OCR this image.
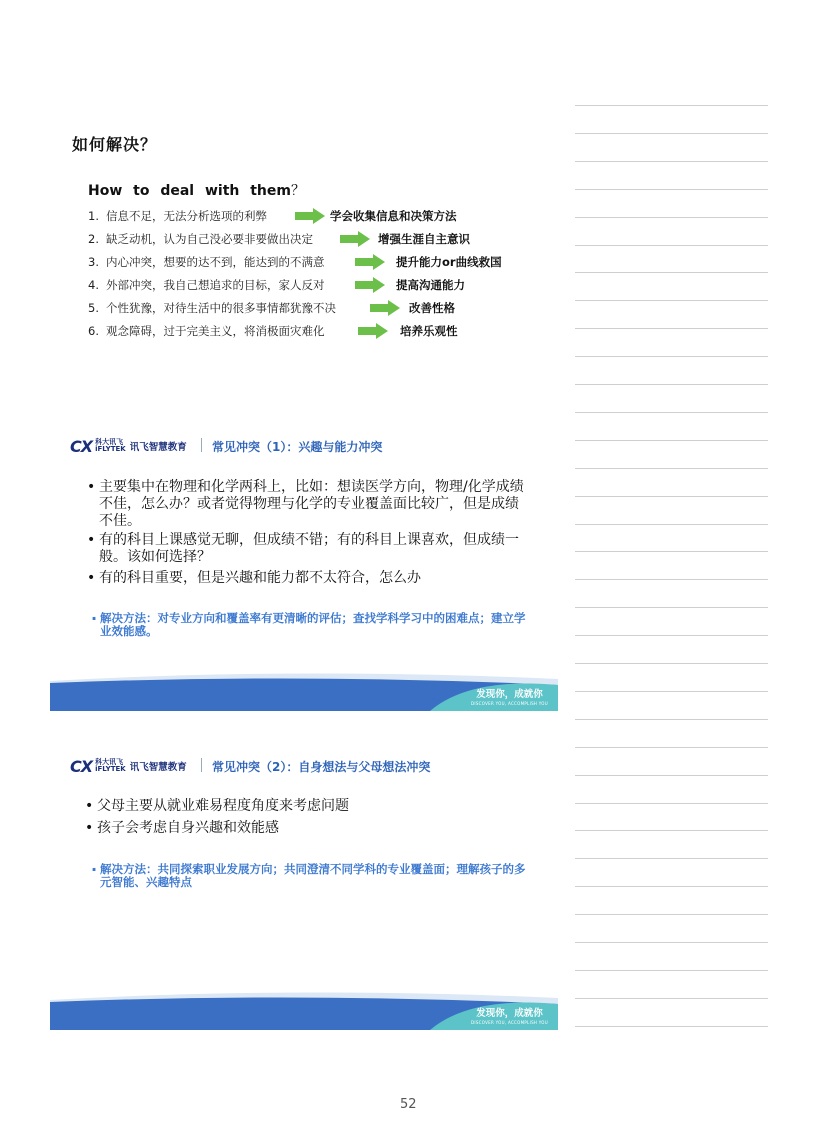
如何解决？
How to deal with them？
1. 信息不足，无法分析选项的利弊	学会收集信息和决策方法
2. 缺乏动机，认为自己没必要非要做出决定	增强生涯自主意识
3. 内心冲突，想要的达不到，能达到的不满意	提升能力or曲线救国
4. 外部冲突，我自己想追求的目标，家人反对	提高沟通能力
5. 个性犹豫，对待生活中的很多事情都犹豫不决	改善性格
6. 观念障碍，过于完美主义，将消极面灾难化	培养乐观性
CX 科大讯飞
iFLYTEK 讯飞智慧教育 常见冲突（1）：兴趣与能力冲突
• 主要集中在物理和化学两科上，比如：想读医学方向，物理/化学成绩不佳，怎么办？或者觉得物理与化学的专业覆盖面比较广，但是成绩不佳。
• 有的科目上课感觉无聊，但成绩不错；有的科目上课喜欢，但成绩一般。该如何选择？
• 有的科目重要，但是兴趣和能力都不太符合，怎么办
· 解决方法：对专业方向和覆盖率有更清晰的评估；查找学科学习中的困难点；建立学业效能感。
发现你，成就你
DISCOVER YOU, ACCOMPLISH YOU
CX 科大讯飞
iFLYTEK 讯飞智慧教育 常见冲突（2）：自身想法与父母想法冲突
• 父母主要从就业难易程度角度来考虑问题
• 孩子会考虑自身兴趣和效能感
· 解决方法：共同探索职业发展方向；共同澄清不同学科的专业覆盖面；理解孩子的多元智能、兴趣特点
发现你，成就你
DISCOVER YOU, ACCOMPLISH YOU
52
